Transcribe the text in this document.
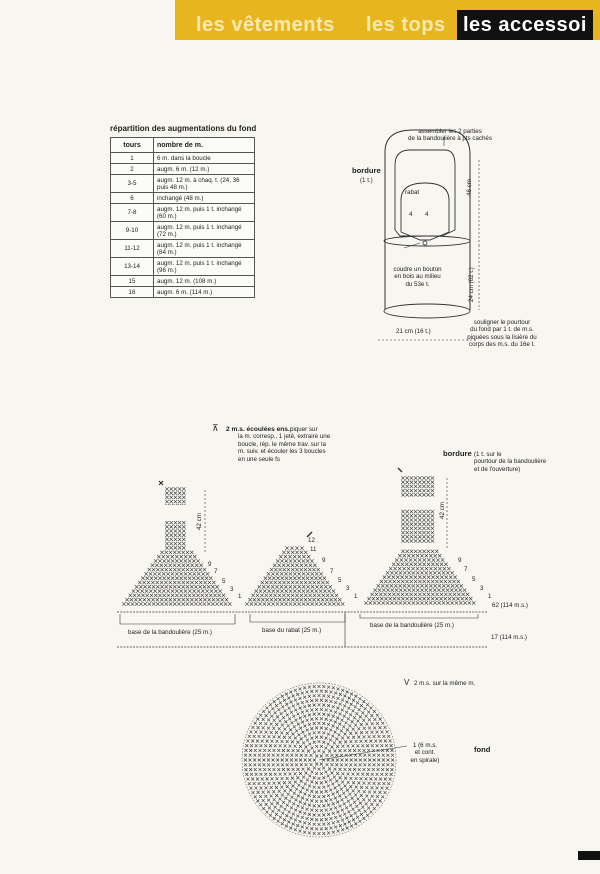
les vêtements les tops les accessoi
répartition des augmentations du fond
tours	nombre de m.
1	6 m. dans la boucle
2	augm. 6 m. (12 m.)
3-5	augm. 12 m. à chaq. t. (24, 36 puis 48 m.)
6	inchangé (48 m.)
7-8	augm. 12 m. puis 1 t. inchangé (60 m.)
9-10	augm. 12 m. puis 1 t. inchangé (72 m.)
11-12	augm. 12 m. puis 1 t. inchangé (84 m.)
13-14	augm. 12 m. puis 1 t. inchangé (96 m.)
15	augm. 12 m. (108 m.)
16	augm. 6 m. (114 m.)
assembler les 2 parties
de la bandoulière à pts cachés
bordure
(1 t.)
rabat
4 4
coudre un bouton
en bois au milieu
du 53e t.
46 cm
24 cm (62 t.)
21 cm (16 t.)
souligner le pourtour
du fond par 1 t. de m.s.
piquées sous la lisière du
corps des m.s. du 16e t.
⊼ 2 m.s. écoulées ens.:
piquer sur
la m. corresp., 1 jeté, extraire une
boucle, rép. le même trav. sur la
m. suiv. et écouler les 3 boucles
en une seule fs
V 2 m.s. sur la même m.
bordure (1 t. sur le
pourtour de la bandoulière
et de l'ouverture)
42 cm
42 cm
9
7
5
3
1
12
11
9
7
5
3
1
9
7
5
3
1
62 (114 m.s.)
17 (114 m.s.)
base de la bandoulière (25 m.)	base du rabat (25 m.)
base de la bandoulière (25 m.)
1 (6 m.s.
et cont.
en spirale)
fond
